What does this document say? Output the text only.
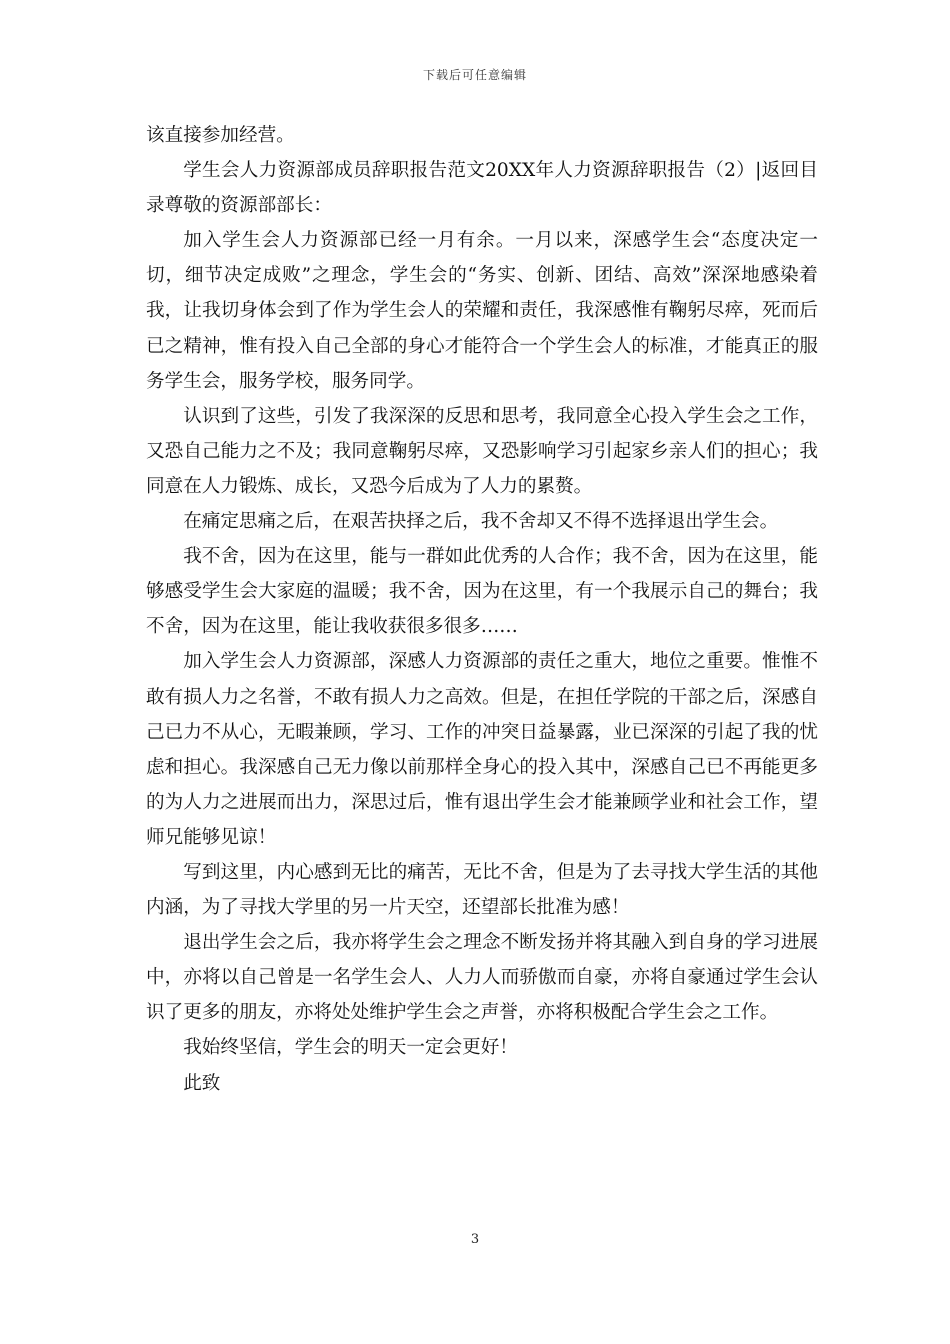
下载后可任意编辑

该直接参加经营。

学生会人力资源部成员辞职报告范文20XX年人力资源辞职报告（2）|返回目录尊敬的资源部部长：

加入学生会人力资源部已经一月有余。一月以来，深感学生会“态度决定一切，细节决定成败”之理念，学生会的“务实、创新、团结、高效”深深地感染着我，让我切身体会到了作为学生会人的荣耀和责任，我深感惟有鞠躬尽瘁，死而后已之精神，惟有投入自己全部的身心才能符合一个学生会人的标准，才能真正的服务学生会，服务学校，服务同学。

认识到了这些，引发了我深深的反思和思考，我同意全心投入学生会之工作，又恐自己能力之不及；我同意鞠躬尽瘁，又恐影响学习引起家乡亲人们的担心；我同意在人力锻炼、成长，又恐今后成为了人力的累赘。

在痛定思痛之后，在艰苦抉择之后，我不舍却又不得不选择退出学生会。

我不舍，因为在这里，能与一群如此优秀的人合作；我不舍，因为在这里，能够感受学生会大家庭的温暖；我不舍，因为在这里，有一个我展示自己的舞台；我不舍，因为在这里，能让我收获很多很多……

加入学生会人力资源部，深感人力资源部的责任之重大，地位之重要。惟惟不敢有损人力之名誉，不敢有损人力之高效。但是，在担任学院的干部之后，深感自己已力不从心，无暇兼顾，学习、工作的冲突日益暴露，业已深深的引起了我的忧虑和担心。我深感自己无力像以前那样全身心的投入其中，深感自己已不再能更多的为人力之进展而出力，深思过后，惟有退出学生会才能兼顾学业和社会工作，望师兄能够见谅！

写到这里，内心感到无比的痛苦，无比不舍，但是为了去寻找大学生活的其他内涵，为了寻找大学里的另一片天空，还望部长批准为感！

退出学生会之后，我亦将学生会之理念不断发扬并将其融入到自身的学习进展中，亦将以自己曾是一名学生会人、人力人而骄傲而自豪，亦将自豪通过学生会认识了更多的朋友，亦将处处维护学生会之声誉，亦将积极配合学生会之工作。

我始终坚信，学生会的明天一定会更好！

此致

3
